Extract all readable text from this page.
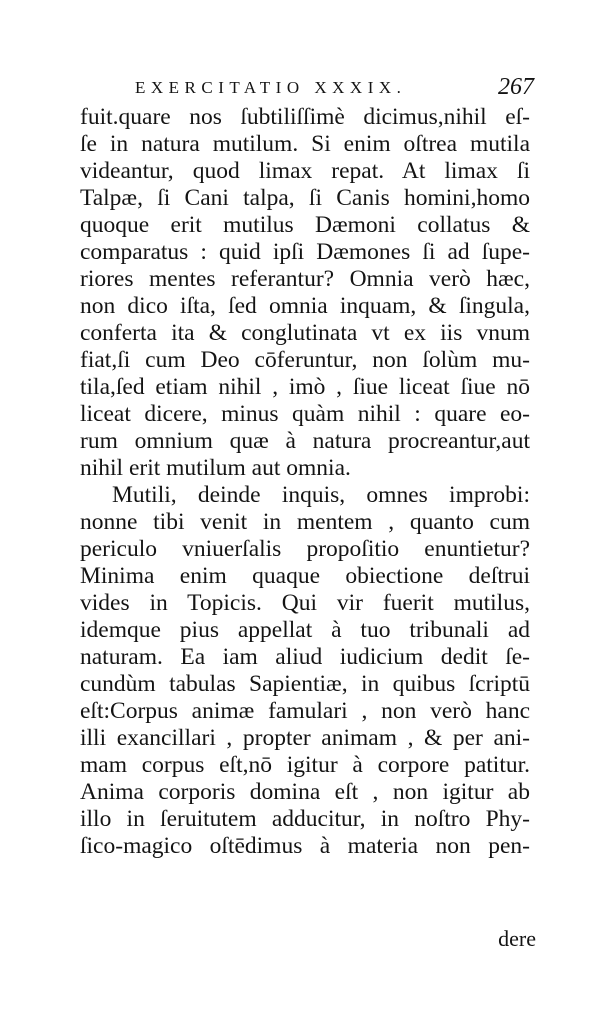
EXERCITATIO XXXIX.	267
fuit.quare nos ſubtiliſſimè dicimus,nihil eſ-
ſe in natura mutilum. Si enim oſtrea mutila
videantur, quod limax repat. At limax ſi
Talpæ, ſi Cani talpa, ſi Canis homini,homo
quoque erit mutilus Dæmoni collatus &
comparatus : quid ipſi Dæmones ſi ad ſupe-
riores mentes referantur? Omnia verò hæc,
non dico iſta, ſed omnia inquam, & ſingula,
conferta ita & conglutinata vt ex iis vnum
fiat,ſi cum Deo cōferuntur, non ſolùm mu-
tila,ſed etiam nihil , imò , ſiue liceat ſiue nō
liceat dicere, minus quàm nihil : quare eo-
rum omnium quæ à natura procreantur,aut
nihil erit mutilum aut omnia.
Mutili, deinde inquis, omnes improbi:
nonne tibi venit in mentem , quanto cum
periculo vniuerſalis propoſitio enuntietur?
Minima enim quaque obiectione deſtrui
vides in Topicis. Qui vir fuerit mutilus,
idemque pius appellat à tuo tribunali ad
naturam. Ea iam aliud iudicium dedit ſe-
cundùm tabulas Sapientiæ, in quibus ſcriptū
eſt:Corpus animæ famulari , non verò hanc
illi exancillari , propter animam , & per ani-
mam corpus eſt,nō igitur à corpore patitur.
Anima corporis domina eſt , non igitur ab
illo in ſeruitutem adducitur, in noſtro Phy-
ſico-magico oſtēdimus à materia non pen-
dere
